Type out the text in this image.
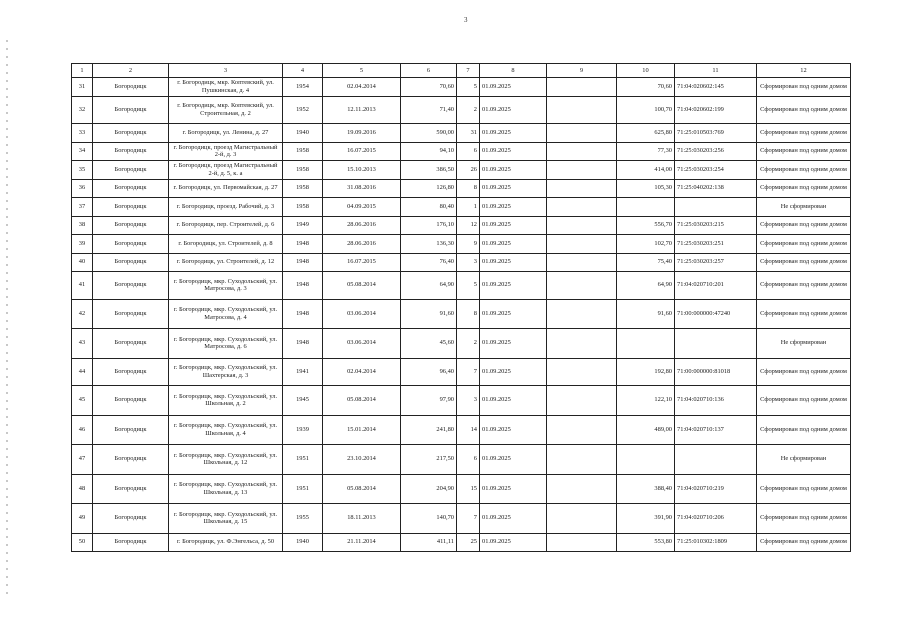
3
1	2	3	4	5	6	7	8	9	10	11	12
31	Богородицк	г. Богородицк, мкр. Коптевский, ул. Пушкинская, д. 4	1954	02.04.2014	70,60	5	01.09.2025		70,60	71:04:020602:145	Сформирован под одним домом
32	Богородицк	г. Богородицк, мкр. Коптевский, ул. Строительная, д. 2	1952	12.11.2013	71,40	2	01.09.2025		100,70	71:04:020602:199	Сформирован под одним домом
33	Богородицк	г. Богородицк, ул. Ленина, д. 27	1940	19.09.2016	590,00	31	01.09.2025		625,80	71:25:010503:769	Сформирован под одним домом
34	Богородицк	г. Богородицк, проезд Магистральный 2-й, д. 3	1958	16.07.2015	94,10	6	01.09.2025		77,30	71:25:030203:256	Сформирован под одним домом
35	Богородицк	г. Богородицк, проезд Магистральный 2-й, д. 5, к. а	1958	15.10.2013	386,50	26	01.09.2025		414,00	71:25:030203:254	Сформирован под одним домом
36	Богородицк	г. Богородицк, ул. Первомайская, д. 27	1958	31.08.2016	126,80	8	01.09.2025		105,30	71:25:040202:138	Сформирован под одним домом
37	Богородицк	г. Богородицк, проезд. Рабочий, д. 3	1958	04.09.2015	80,40	1	01.09.2025				Не сформирован
38	Богородицк	г. Богородицк, пер. Строителей, д. 6	1949	28.06.2016	176,10	12	01.09.2025		556,70	71:25:030203:215	Сформирован под одним домом
39	Богородицк	г. Богородицк, ул. Строителей, д. 8	1948	28.06.2016	136,30	9	01.09.2025		102,70	71:25:030203:251	Сформирован под одним домом
40	Богородицк	г. Богородицк, ул. Строителей, д. 12	1948	16.07.2015	76,40	3	01.09.2025		75,40	71:25:030203:257	Сформирован под одним домом
41	Богородицк	г. Богородицк, мкр. Суходольский, ул. Матросова, д. 3	1948	05.08.2014	64,90	5	01.09.2025		64,90	71:04:020710:201	Сформирован под одним домом
42	Богородицк	г. Богородицк, мкр. Суходольский, ул. Матросова, д. 4	1948	03.06.2014	91,60	8	01.09.2025		91,60	71:00:000000:47240	Сформирован под одним домом
43	Богородицк	г. Богородицк, мкр. Суходольский, ул. Матросова, д. 6	1948	03.06.2014	45,60	2	01.09.2025				Не сформирован
44	Богородицк	г. Богородицк, мкр. Суходольский, ул. Шахтерская, д. 3	1941	02.04.2014	96,40	7	01.09.2025		192,80	71:00:000000:81018	Сформирован под одним домом
45	Богородицк	г. Богородицк, мкр. Суходольский, ул. Школьная, д. 2	1945	05.08.2014	97,90	3	01.09.2025		122,10	71:04:020710:136	Сформирован под одним домом
46	Богородицк	г. Богородицк, мкр. Суходольский, ул. Школьная, д. 4	1939	15.01.2014	241,80	14	01.09.2025		489,00	71:04:020710:137	Сформирован под одним домом
47	Богородицк	г. Богородицк, мкр. Суходольский, ул. Школьная, д. 12	1951	23.10.2014	217,50	6	01.09.2025				Не сформирован
48	Богородицк	г. Богородицк, мкр. Суходольский, ул. Школьная, д. 13	1951	05.08.2014	204,90	15	01.09.2025		388,40	71:04:020710:219	Сформирован под одним домом
49	Богородицк	г. Богородицк, мкр. Суходольский, ул. Школьная, д. 15	1955	18.11.2013	140,70	7	01.09.2025		391,90	71:04:020710:206	Сформирован под одним домом
50	Богородицк	г. Богородицк, ул. Ф.Энгельса, д. 50	1940	21.11.2014	411,11	25	01.09.2025		553,80	71:25:010302:1809	Сформирован под одним домом
